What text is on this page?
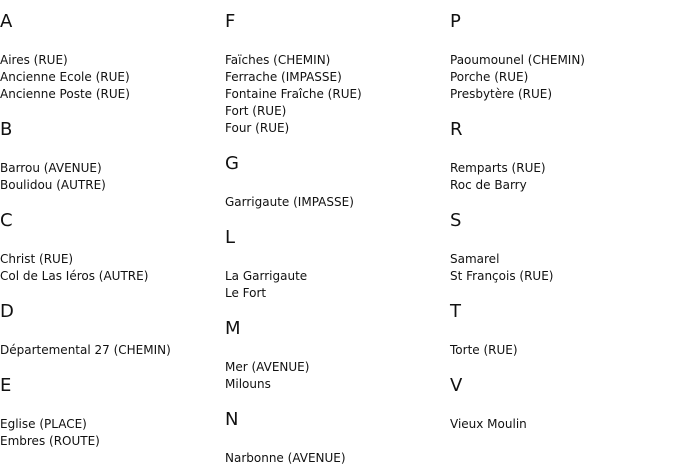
A
Aires (RUE)
Ancienne Ecole (RUE)
Ancienne Poste (RUE)
B
Barrou (AVENUE)
Boulidou (AUTRE)
C
Christ (RUE)
Col de Las Iéros (AUTRE)
D
Départemental 27 (CHEMIN)
E
Eglise (PLACE)
Embres (ROUTE)
F
Faïches (CHEMIN)
Ferrache (IMPASSE)
Fontaine Fraîche (RUE)
Fort (RUE)
Four (RUE)
G
Garrigaute (IMPASSE)
L
La Garrigaute
Le Fort
M
Mer (AVENUE)
Milouns
N
Narbonne (AVENUE)
P
Paoumounel (CHEMIN)
Porche (RUE)
Presbytère (RUE)
R
Remparts (RUE)
Roc de Barry
S
Samarel
St François (RUE)
T
Torte (RUE)
V
Vieux Moulin
